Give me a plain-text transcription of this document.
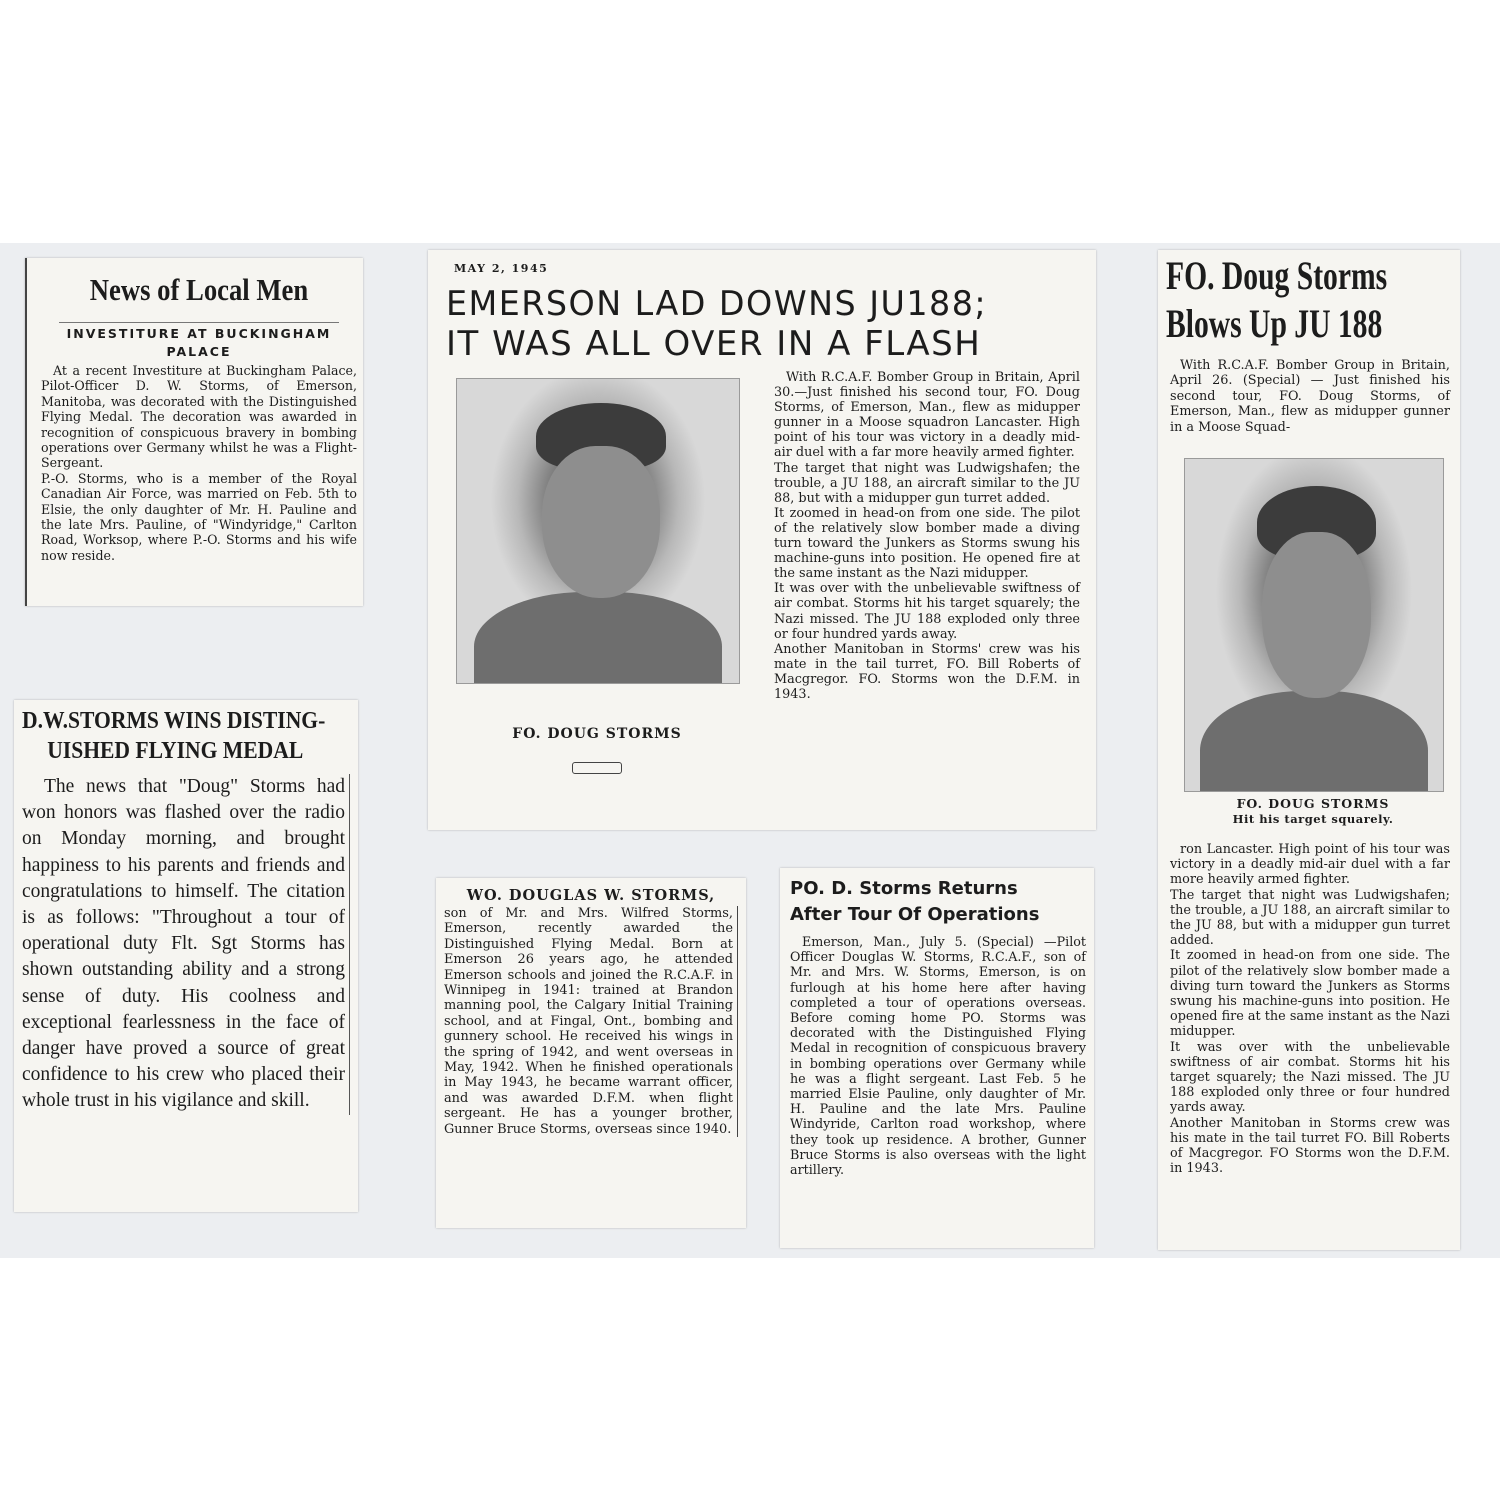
News of Local Men
INVESTITURE AT BUCKINGHAM PALACE

At a recent Investiture at Buckingham Palace, Pilot-Officer D. W. Storms, of Emerson, Manitoba, was decorated with the Distinguished Flying Medal. The decoration was awarded in recognition of conspicuous bravery in bombing operations over Germany whilst he was a Flight-Sergeant.
P.-O. Storms, who is a member of the Royal Canadian Air Force, was married on Feb. 5th to Elsie, the only daughter of Mr. H. Pauline and the late Mrs. Pauline, of "Windyridge," Carlton Road, Worksop, where P.-O. Storms and his wife now reside.

MAY 2, 1945
EMERSON LAD DOWNS JU188;
IT WAS ALL OVER IN A FLASH
FO. DOUG STORMS

With R.C.A.F. Bomber Group in Britain, April 30.—Just finished his second tour, FO. Doug Storms, of Emerson, Man., flew as midupper gunner in a Moose squadron Lancaster. High point of his tour was victory in a deadly mid-air duel with a far more heavily armed fighter.
The target that night was Ludwigshafen; the trouble, a JU 188, an aircraft similar to the JU 88, but with a midupper gun turret added.
It zoomed in head-on from one side. The pilot of the relatively slow bomber made a diving turn toward the Junkers as Storms swung his machine-guns into position. He opened fire at the same instant as the Nazi midupper.
It was over with the unbelievable swiftness of air combat. Storms hit his target squarely; the Nazi missed. The JU 188 exploded only three or four hundred yards away.
Another Manitoban in Storms' crew was his mate in the tail turret, FO. Bill Roberts of Macgregor. FO. Storms won the D.F.M. in 1943.

FO. Doug Storms
Blows Up JU 188

With R.C.A.F. Bomber Group in Britain, April 26. (Special) — Just finished his second tour, FO. Doug Storms, of Emerson, Man., flew as midupper gunner in a Moose Squad-

FO. DOUG STORMS
Hit his target squarely.

ron Lancaster. High point of his tour was victory in a deadly mid-air duel with a far more heavily armed fighter.
The target that night was Ludwigshafen; the trouble, a JU 188, an aircraft similar to the JU 88, but with a midupper gun turret added.
It zoomed in head-on from one side. The pilot of the relatively slow bomber made a diving turn toward the Junkers as Storms swung his machine-guns into position. He opened fire at the same instant as the Nazi midupper.
It was over with the unbelievable swiftness of air combat. Storms hit his target squarely; the Nazi missed. The JU 188 exploded only three or four hundred yards away.
Another Manitoban in Storms crew was his mate in the tail turret FO. Bill Roberts of Macgregor. FO Storms won the D.F.M. in 1943.

D.W.STORMS WINS DISTING-
UISHED FLYING MEDAL

The news that "Doug" Storms had won honors was flashed over the radio on Monday morning, and brought happiness to his parents and friends and congratulations to himself. The citation is as follows: "Throughout a tour of operational duty Flt. Sgt Storms has shown outstanding ability and a strong sense of duty. His coolness and exceptional fearlessness in the face of danger have proved a source of great confidence to his crew who placed their whole trust in his vigilance and skill.

WO. DOUGLAS W. STORMS,

son of Mr. and Mrs. Wilfred Storms, Emerson, recently awarded the Distinguished Flying Medal. Born at Emerson 26 years ago, he attended Emerson schools and joined the R.C.A.F. in Winnipeg in 1941: trained at Brandon manning pool, the Calgary Initial Training school, and at Fingal, Ont., bombing and gunnery school. He received his wings in the spring of 1942, and went overseas in May, 1942. When he finished operationals in May 1943, he became warrant officer, and was awarded D.F.M. when flight sergeant. He has a younger brother, Gunner Bruce Storms, overseas since 1940.

PO. D. Storms Returns
After Tour Of Operations

Emerson, Man., July 5. (Special) —Pilot Officer Douglas W. Storms, R.C.A.F., son of Mr. and Mrs. W. Storms, Emerson, is on furlough at his home here after having completed a tour of operations overseas. Before coming home PO. Storms was decorated with the Distinguished Flying Medal in recognition of conspicuous bravery in bombing operations over Germany while he was a flight sergeant. Last Feb. 5 he married Elsie Pauline, only daughter of Mr. H. Pauline and the late Mrs. Pauline Windyride, Carlton road workshop, where they took up residence. A brother, Gunner Bruce Storms is also overseas with the light artillery.
